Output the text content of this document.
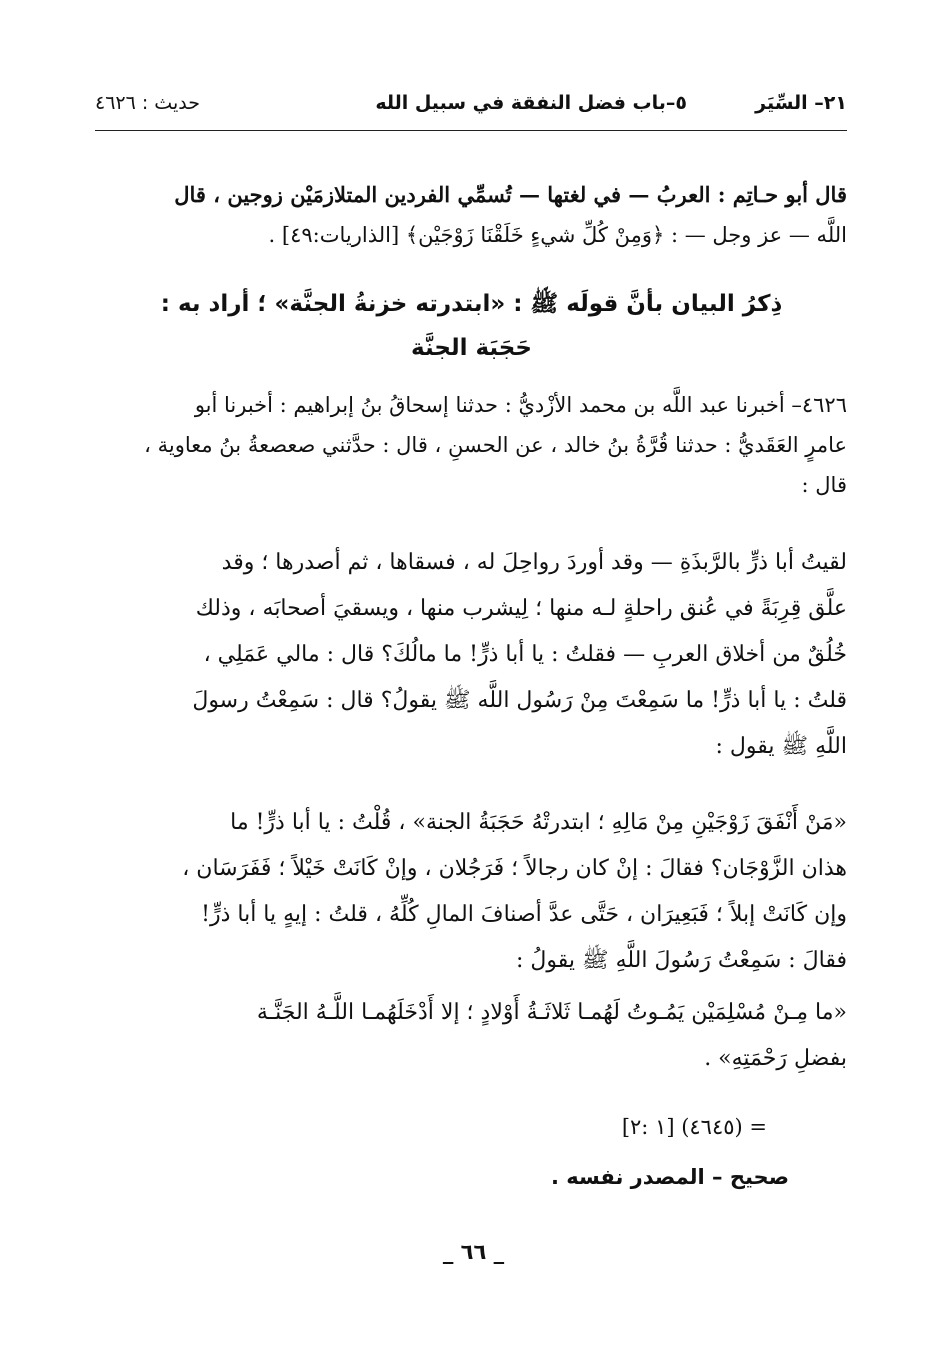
٢١– السِّيَر
٥–باب فضل النفقة في سبيل الله
حديث : ٤٦٢٦
قال أبو حـاتِم : العربُ — في لغتها — تُسمِّي الفردين المتلازمَيْن زوجين ، قال
اللَّه — عز وجل — : ﴿وَمِنْ كُلِّ شيءٍ خَلَقْنَا زَوْجَيْن﴾ [الذاريات:٤٩] .
ذِكرُ البيان بأنَّ قولَه ﷺ : «ابتدرته خزنةُ الجنَّة» ؛ أراد به :
حَجَبَة الجنَّة
٤٦٢٦– أخبرنا عبد اللَّه بن محمد الأزْديُّ : حدثنا إسحاقُ بنُ إبراهيم : أخبرنا أبو
عامرٍ العَقَديُّ : حدثنا قُرَّةُ بنُ خالد ، عن الحسنِ ، قال : حدَّثني صعصعةُ بنُ معاوية ،
قال :
لقيتُ أبا ذرٍّ بالرَّبذَةِ — وقد أوردَ رواحِلَ له ، فسقاها ، ثم أصدرها ؛ وقد
علَّق قِرِبَةً في عُنق راحلةٍ لـه منها ؛ لِيشرب منها ، ويسقيَ أصحابَه ، وذلك
خُلُقٌ من أخلاق العربِ — فقلتُ : يا أبا ذرٍّ! ما مالُكَ؟ قال : مالي عَمَلِي ،
قلتُ : يا أبا ذرٍّ! ما سَمِعْتَ مِنْ رَسُول اللَّه ﷺ يقولُ؟ قال : سَمِعْتُ رسولَ
اللَّهِ ﷺ يقول :
«مَنْ أَنْفَقَ زَوْجَيْنِ مِنْ مَالِهِ ؛ ابتدرتْهُ حَجَبَةُ الجنة» ، قُلْتُ : يا أبا ذرٍّ! ما
هذان الزَّوْجَان؟ فقالَ : إنْ كان رجالاً ؛ فَرَجُلان ، وإنْ كَانَتْ خَيْلاً ؛ فَفَرَسَان ،
وإن كَانَتْ إبلاً ؛ فَبَعِيرَان ، حَتَّى عدَّ أصنافَ المالِ كُلِّهُ ، قلتُ : إيهٍ يا أبا ذرٍّ!
فقالَ : سَمِعْتُ رَسُولَ اللَّهِ ﷺ يقولُ :
«ما مِـنْ مُسْلِمَيْن يَمُـوتُ لَهُمـا ثَلاثَـةُ أَوْلادٍ ؛ إلا أَدْخَلَهُمـا اللَّـهُ الجَنَّـة
بفضلِ رَحْمَتِهِ» .
= (٤٦٤٥) [١ :٢]
صحيح – المصدر نفسه .
_ ٦٦ _
